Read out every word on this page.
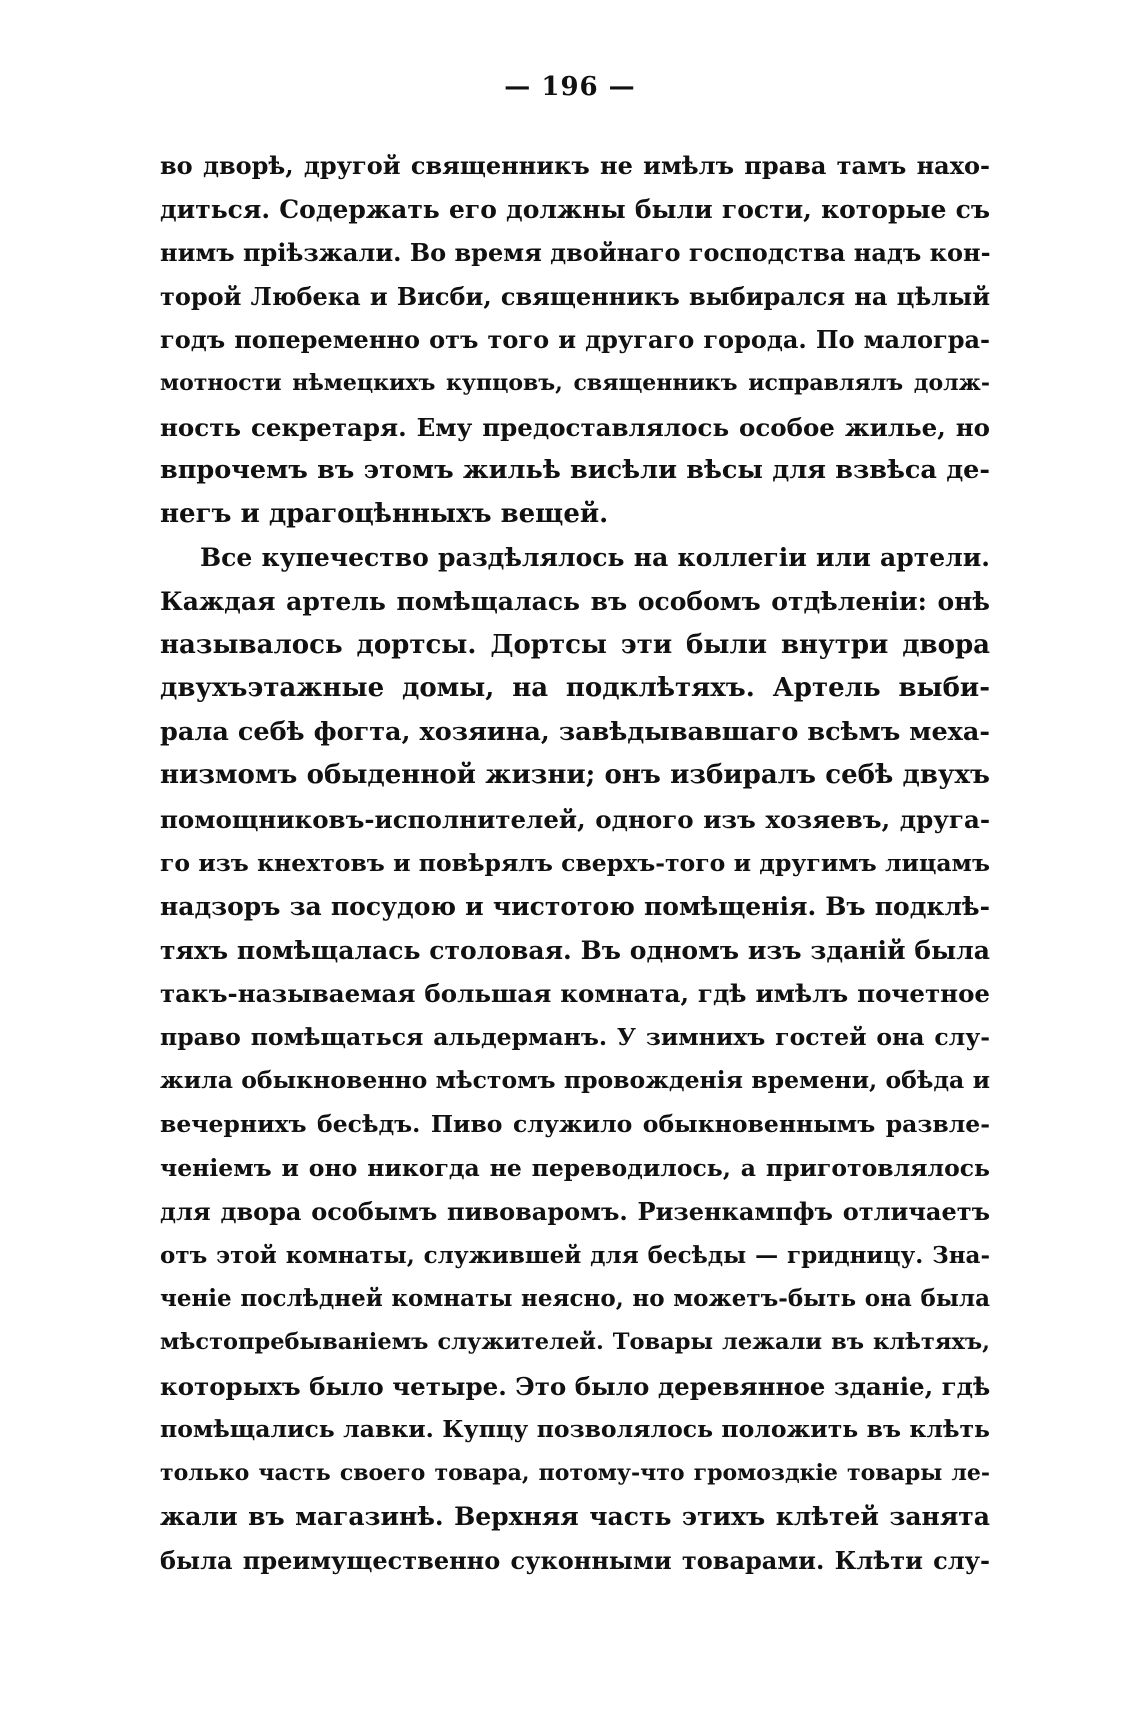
— 196 —
во дворѣ, другой священникъ не имѣлъ права тамъ нахо-
диться. Содержать его должны были гости, которые съ
нимъ прiѣзжали. Во время двойнаго господства надъ кон-
торой Любека и Висби, священникъ выбирался на цѣлый
годъ попеременно отъ того и другаго города. По малогра-
мотности нѣмецкихъ купцовъ, священникъ исправлялъ долж-
ность секретаря. Ему предоставлялось особое жилье, но
впрочемъ въ этомъ жильѣ висѣли вѣсы для взвѣса де-
негъ и драгоцѣнныхъ вещей.
Все купечество раздѣлялось на коллегiи или артели.
Каждая артель помѣщалась въ особомъ отдѣленiи: онѣ
называлось дортсы. Дортсы эти были внутри двора
двухъэтажные домы, на подклѣтяхъ. Артель выби-
рала себѣ фогта, хозяина, завѣдывавшаго всѣмъ меха-
низмомъ обыденной жизни; онъ избиралъ себѣ двухъ
помощниковъ-исполнителей, одного изъ хозяевъ, друга-
го изъ кнехтовъ и повѣрялъ сверхъ-того и другимъ лицамъ
надзоръ за посудою и чистотою помѣщенiя. Въ подклѣ-
тяхъ помѣщалась столовая. Въ одномъ изъ зданiй была
такъ-называемая большая комната, гдѣ имѣлъ почетное
право помѣщаться альдерманъ. У зимнихъ гостей она слу-
жила обыкновенно мѣстомъ провожденiя времени, обѣда и
вечернихъ бесѣдъ. Пиво служило обыкновеннымъ развле-
ченiемъ и оно никогда не переводилось, а приготовлялось
для двора особымъ пивоваромъ. Ризенкампфъ отличаетъ
отъ этой комнаты, служившей для бесѣды — гридницу. Зна-
ченiе послѣдней комнаты неясно, но можетъ-быть она была
мѣстопребыванiемъ служителей. Товары лежали въ клѣтяхъ,
которыхъ было четыре. Это было деревянное зданiе, гдѣ
помѣщались лавки. Купцу позволялось положить въ клѣть
только часть своего товара, потому-что громоздкiе товары ле-
жали въ магазинѣ. Верхняя часть этихъ клѣтей занята
была преимущественно суконными товарами. Клѣти слу-
